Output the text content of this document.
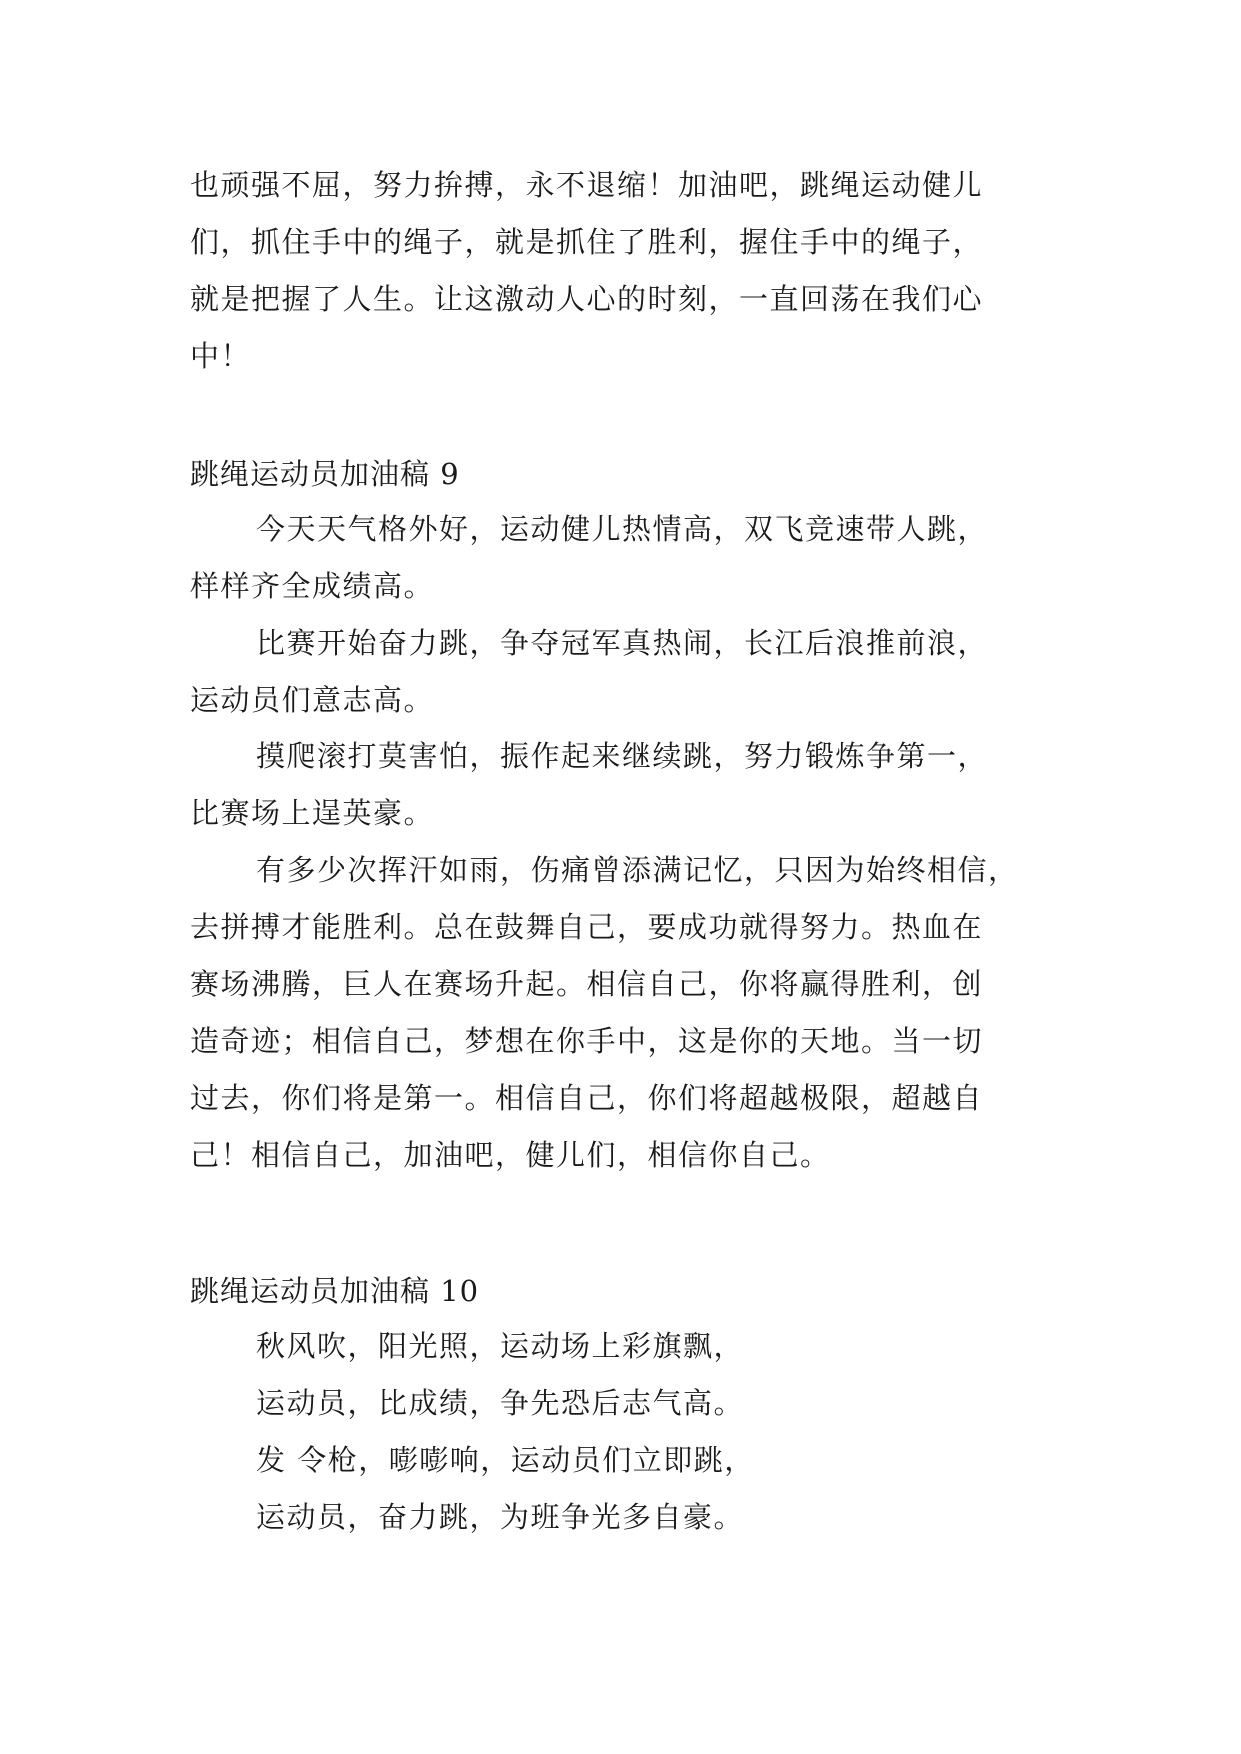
也顽强不屈，努力拚搏，永不退缩！加油吧，跳绳运动健儿
们，抓住手中的绳子，就是抓住了胜利，握住手中的绳子，
就是把握了人生。让这激动人心的时刻，一直回荡在我们心
中！
跳绳运动员加油稿 9
今天天气格外好，运动健儿热情高，双飞竞速带人跳，
样样齐全成绩高。
比赛开始奋力跳，争夺冠军真热闹，长江后浪推前浪，
运动员们意志高。
摸爬滚打莫害怕，振作起来继续跳，努力锻炼争第一，
比赛场上逞英豪。
有多少次挥汗如雨，伤痛曾添满记忆，只因为始终相信，
去拼搏才能胜利。总在鼓舞自己，要成功就得努力。热血在
赛场沸腾，巨人在赛场升起。相信自己，你将赢得胜利，创
造奇迹；相信自己，梦想在你手中，这是你的天地。当一切
过去，你们将是第一。相信自己，你们将超越极限，超越自
己！相信自己，加油吧，健儿们，相信你自己。
跳绳运动员加油稿 10
秋风吹，阳光照，运动场上彩旗飘，
运动员，比成绩，争先恐后志气高。
发 令枪，嘭嘭响，运动员们立即跳，
运动员，奋力跳，为班争光多自豪。
